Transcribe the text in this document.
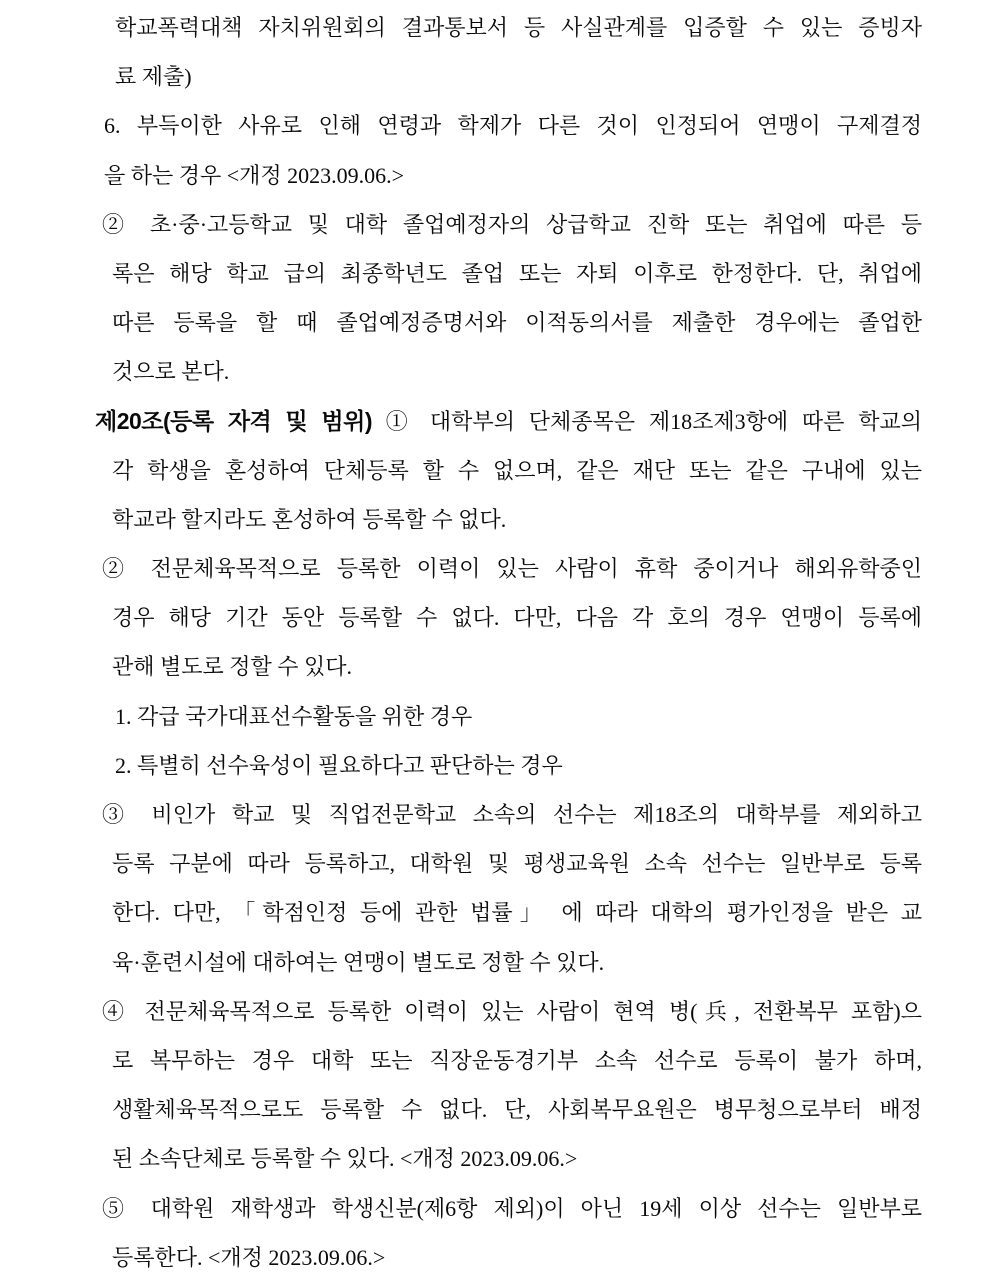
학교폭력대책 자치위원회의 결과통보서 등 사실관계를 입증할 수 있는 증빙자
료 제출)
6. 부득이한 사유로 인해 연령과 학제가 다른 것이 인정되어 연맹이 구제결정
을 하는 경우 <개정 2023.09.06.>
② 초·중·고등학교 및 대학 졸업예정자의 상급학교 진학 또는 취업에 따른 등
록은 해당 학교 급의 최종학년도 졸업 또는 자퇴 이후로 한정한다. 단, 취업에
따른 등록을 할 때 졸업예정증명서와 이적동의서를 제출한 경우에는 졸업한
것으로 본다.
제20조(등록 자격 및 범위) ① 대학부의 단체종목은 제18조제3항에 따른 학교의
각 학생을 혼성하여 단체등록 할 수 없으며, 같은 재단 또는 같은 구내에 있는
학교라 할지라도 혼성하여 등록할 수 없다.
② 전문체육목적으로 등록한 이력이 있는 사람이 휴학 중이거나 해외유학중인
경우 해당 기간 동안 등록할 수 없다. 다만, 다음 각 호의 경우 연맹이 등록에
관해 별도로 정할 수 있다.
1. 각급 국가대표선수활동을 위한 경우
2. 특별히 선수육성이 필요하다고 판단하는 경우
③ 비인가 학교 및 직업전문학교 소속의 선수는 제18조의 대학부를 제외하고
등록 구분에 따라 등록하고, 대학원 및 평생교육원 소속 선수는 일반부로 등록
한다. 다만, 「학점인정 등에 관한 법률」 에 따라 대학의 평가인정을 받은 교
육·훈련시설에 대하여는 연맹이 별도로 정할 수 있다.
④ 전문체육목적으로 등록한 이력이 있는 사람이 현역 병(兵, 전환복무 포함)으
로 복무하는 경우 대학 또는 직장운동경기부 소속 선수로 등록이 불가 하며,
생활체육목적으로도 등록할 수 없다. 단, 사회복무요원은 병무청으로부터 배정
된 소속단체로 등록할 수 있다. <개정 2023.09.06.>
⑤ 대학원 재학생과 학생신분(제6항 제외)이 아닌 19세 이상 선수는 일반부로
등록한다. <개정 2023.09.06.>
